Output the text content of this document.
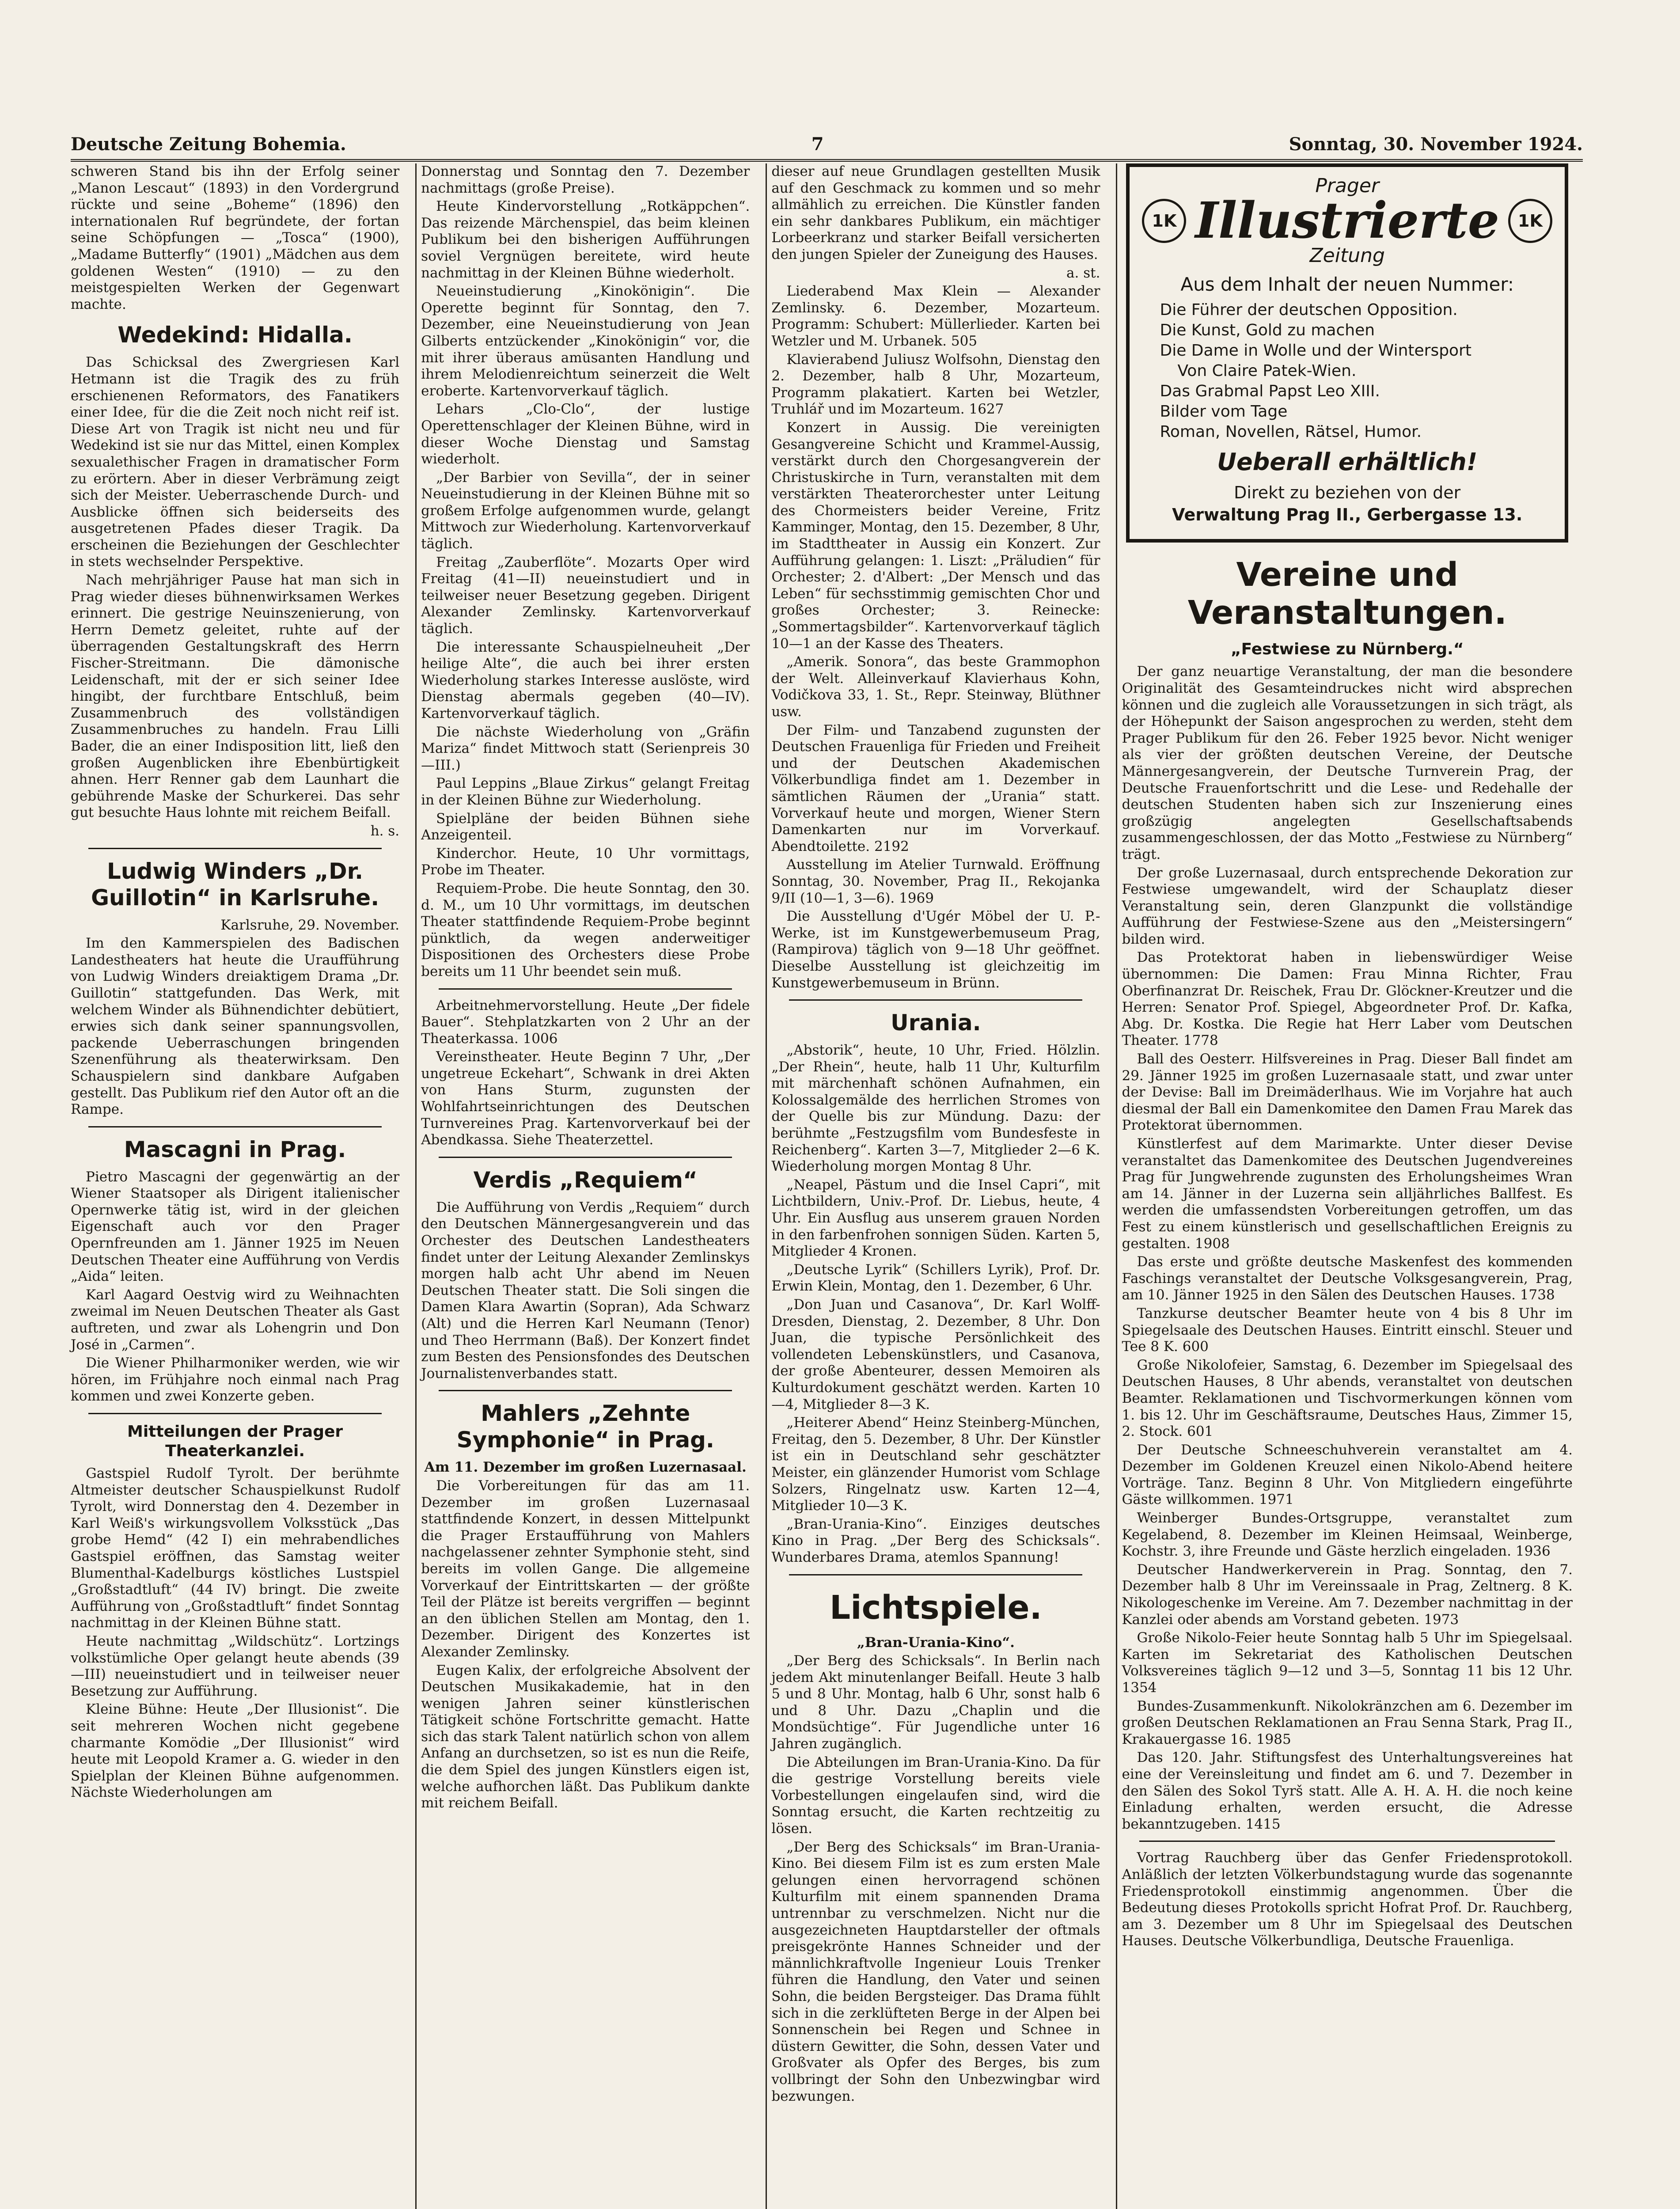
Deutsche Zeitung Bohemia.	7	Sonntag, 30. November 1924.

schweren Stand bis ihn der Erfolg seiner „Manon Lescaut“ (1893) in den Vordergrund rückte und seine „Boheme“ (1896) den internationalen Ruf begründete, der fortan seine Schöpfungen — „Tosca“ (1900), „Madame Butterfly“ (1901) „Mädchen aus dem goldenen Westen“ (1910) — zu den meistgespielten Werken der Gegenwart machte.

Wedekind: Hidalla.

Das Schicksal des Zwergriesen Karl Hetmann ist die Tragik des zu früh erschienenen Reformators, des Fanatikers einer Idee, für die die Zeit noch nicht reif ist. Diese Art von Tragik ist nicht neu und für Wedekind ist sie nur das Mittel, einen Komplex sexualethischer Fragen in dramatischer Form zu erörtern. Aber in dieser Verbrämung zeigt sich der Meister. Ueberraschende Durch- und Ausblicke öffnen sich beiderseits des ausgetretenen Pfades dieser Tragik. Da erscheinen die Beziehungen der Geschlechter in stets wechselnder Perspektive.

Nach mehrjähriger Pause hat man sich in Prag wieder dieses bühnenwirksamen Werkes erinnert. Die gestrige Neuinszenierung, von Herrn Demetz geleitet, ruhte auf der überragenden Gestaltungskraft des Herrn Fischer-Streitmann. Die dämonische Leidenschaft, mit der er sich seiner Idee hingibt, der furchtbare Entschluß, beim Zusammenbruch des vollständigen Zusammenbruches zu handeln. Frau Lilli Bader, die an einer Indisposition litt, ließ den großen Augenblicken ihre Ebenbürtigkeit ahnen. Herr Renner gab dem Launhart die gebührende Maske der Schurkerei. Das sehr gut besuchte Haus lohnte mit reichem Beifall.

h. s.

Ludwig Winders „Dr. Guillotin“ in Karlsruhe.

Karlsruhe, 29. November.

Im den Kammerspielen des Badischen Landestheaters hat heute die Uraufführung von Ludwig Winders dreiaktigem Drama „Dr. Guillotin“ stattgefunden. Das Werk, mit welchem Winder als Bühnendichter debütiert, erwies sich dank seiner spannungsvollen, packende Ueberraschungen bringenden Szenenführung als theaterwirksam. Den Schauspielern sind dankbare Aufgaben gestellt. Das Publikum rief den Autor oft an die Rampe.

Mascagni in Prag.

Pietro Mascagni der gegenwärtig an der Wiener Staatsoper als Dirigent italienischer Opernwerke tätig ist, wird in der gleichen Eigenschaft auch vor den Prager Opernfreunden am 1. Jänner 1925 im Neuen Deutschen Theater eine Aufführung von Verdis „Aida“ leiten.

Karl Aagard Oestvig wird zu Weihnachten zweimal im Neuen Deutschen Theater als Gast auftreten, und zwar als Lohengrin und Don José in „Carmen“.

Die Wiener Philharmoniker werden, wie wir hören, im Frühjahre noch einmal nach Prag kommen und zwei Konzerte geben.

Mitteilungen der Prager Theaterkanzlei.

Gastspiel Rudolf Tyrolt. Der berühmte Altmeister deutscher Schauspielkunst Rudolf Tyrolt, wird Donnerstag den 4. Dezember in Karl Weiß's wirkungsvollem Volksstück „Das grobe Hemd“ (42 I) ein mehrabendliches Gastspiel eröffnen, das Samstag weiter Blumenthal-Kadelburgs köstliches Lustspiel „Großstadtluft“ (44 IV) bringt. Die zweite Aufführung von „Großstadtluft“ findet Sonntag nachmittag in der Kleinen Bühne statt.

Heute nachmittag „Wildschütz“. Lortzings volkstümliche Oper gelangt heute abends (39—III) neueinstudiert und in teilweiser neuer Besetzung zur Aufführung.

Kleine Bühne: Heute „Der Illusionist“. Die seit mehreren Wochen nicht gegebene charmante Komödie „Der Illusionist“ wird heute mit Leopold Kramer a. G. wieder in den Spielplan der Kleinen Bühne aufgenommen. Nächste Wiederholungen am

Donnerstag und Sonntag den 7. Dezember nachmittags (große Preise).

Heute Kindervorstellung „Rotkäppchen“. Das reizende Märchenspiel, das beim kleinen Publikum bei den bisherigen Aufführungen soviel Vergnügen bereitete, wird heute nachmittag in der Kleinen Bühne wiederholt.

Neueinstudierung „Kinokönigin“. Die Operette beginnt für Sonntag, den 7. Dezember, eine Neueinstudierung von Jean Gilberts entzückender „Kinokönigin“ vor, die mit ihrer überaus amüsanten Handlung und ihrem Melodienreichtum seinerzeit die Welt eroberte. Kartenvorverkauf täglich.

Lehars „Clo-Clo“, der lustige Operettenschlager der Kleinen Bühne, wird in dieser Woche Dienstag und Samstag wiederholt.

„Der Barbier von Sevilla“, der in seiner Neueinstudierung in der Kleinen Bühne mit so großem Erfolge aufgenommen wurde, gelangt Mittwoch zur Wiederholung. Kartenvorverkauf täglich.

Freitag „Zauberflöte“. Mozarts Oper wird Freitag (41—II) neueinstudiert und in teilweiser neuer Besetzung gegeben. Dirigent Alexander Zemlinsky. Kartenvorverkauf täglich.

Die interessante Schauspielneuheit „Der heilige Alte“, die auch bei ihrer ersten Wiederholung starkes Interesse auslöste, wird Dienstag abermals gegeben (40—IV). Kartenvorverkauf täglich.

Die nächste Wiederholung von „Gräfin Mariza“ findet Mittwoch statt (Serienpreis 30—III.)

Paul Leppins „Blaue Zirkus“ gelangt Freitag in der Kleinen Bühne zur Wiederholung.

Spielpläne der beiden Bühnen siehe Anzeigenteil.

Kinderchor. Heute, 10 Uhr vormittags, Probe im Theater.

Requiem-Probe. Die heute Sonntag, den 30. d. M., um 10 Uhr vormittags, im deutschen Theater stattfindende Requiem-Probe beginnt pünktlich, da wegen anderweitiger Dispositionen des Orchesters diese Probe bereits um 11 Uhr beendet sein muß.

Arbeitnehmervorstellung. Heute „Der fidele Bauer“. Stehplatzkarten von 2 Uhr an der Theaterkassa. 1006

Vereinstheater. Heute Beginn 7 Uhr, „Der ungetreue Eckehart“, Schwank in drei Akten von Hans Sturm, zugunsten der Wohlfahrtseinrichtungen des Deutschen Turnvereines Prag. Kartenvorverkauf bei der Abendkassa. Siehe Theaterzettel.

Verdis „Requiem“

Die Aufführung von Verdis „Requiem“ durch den Deutschen Männergesangverein und das Orchester des Deutschen Landestheaters findet unter der Leitung Alexander Zemlinskys morgen halb acht Uhr abend im Neuen Deutschen Theater statt. Die Soli singen die Damen Klara Awartin (Sopran), Ada Schwarz (Alt) und die Herren Karl Neumann (Tenor) und Theo Herrmann (Baß). Der Konzert findet zum Besten des Pensionsfondes des Deutschen Journalistenverbandes statt.

Mahlers „Zehnte Symphonie“ in Prag.

Am 11. Dezember im großen Luzernasaal.

Die Vorbereitungen für das am 11. Dezember im großen Luzernasaal stattfindende Konzert, in dessen Mittelpunkt die Prager Erstaufführung von Mahlers nachgelassener zehnter Symphonie steht, sind bereits im vollen Gange. Die allgemeine Vorverkauf der Eintrittskarten — der größte Teil der Plätze ist bereits vergriffen — beginnt an den üblichen Stellen am Montag, den 1. Dezember. Dirigent des Konzertes ist Alexander Zemlinsky.

Eugen Kalix, der erfolgreiche Absolvent der Deutschen Musikakademie, hat in den wenigen Jahren seiner künstlerischen Tätigkeit schöne Fortschritte gemacht. Hatte sich das stark Talent natürlich schon von allem Anfang an durchsetzen, so ist es nun die Reife, die dem Spiel des jungen Künstlers eigen ist, welche aufhorchen läßt. Das Publikum dankte mit reichem Beifall.

dieser auf neue Grundlagen gestellten Musik auf den Geschmack zu kommen und so mehr allmählich zu erreichen. Die Künstler fanden ein sehr dankbares Publikum, ein mächtiger Lorbeerkranz und starker Beifall versicherten den jungen Spieler der Zuneigung des Hauses.

a. st.

Liederabend Max Klein — Alexander Zemlinsky. 6. Dezember, Mozarteum. Programm: Schubert: Müllerlieder. Karten bei Wetzler und M. Urbanek. 505

Klavierabend Juliusz Wolfsohn, Dienstag den 2. Dezember, halb 8 Uhr, Mozarteum, Programm plakatiert. Karten bei Wetzler, Truhlář und im Mozarteum. 1627

Konzert in Aussig. Die vereinigten Gesangvereine Schicht und Krammel-Aussig, verstärkt durch den Chorgesangverein der Christuskirche in Turn, veranstalten mit dem verstärkten Theaterorchester unter Leitung des Chormeisters beider Vereine, Fritz Kamminger, Montag, den 15. Dezember, 8 Uhr, im Stadttheater in Aussig ein Konzert. Zur Aufführung gelangen: 1. Liszt: „Präludien“ für Orchester; 2. d'Albert: „Der Mensch und das Leben“ für sechsstimmig gemischten Chor und großes Orchester; 3. Reinecke: „Sommertagsbilder“. Kartenvorverkauf täglich 10—1 an der Kasse des Theaters.

„Amerik. Sonora“, das beste Grammophon der Welt. Alleinverkauf Klavierhaus Kohn, Vodičkova 33, 1. St., Repr. Steinway, Blüthner usw.

Der Film- und Tanzabend zugunsten der Deutschen Frauenliga für Frieden und Freiheit und der Deutschen Akademischen Völkerbundliga findet am 1. Dezember in sämtlichen Räumen der „Urania“ statt. Vorverkauf heute und morgen, Wiener Stern Damenkarten nur im Vorverkauf. Abendtoilette. 2192

Ausstellung im Atelier Turnwald. Eröffnung Sonntag, 30. November, Prag II., Rekojanka 9/II (10—1, 3—6). 1969

Die Ausstellung d'Ugér Möbel der U. P.-Werke, ist im Kunstgewerbemuseum Prag, (Rampirova) täglich von 9—18 Uhr geöffnet. Dieselbe Ausstellung ist gleichzeitig im Kunstgewerbemuseum in Brünn.

Urania.

„Abstorik“, heute, 10 Uhr, Fried. Hölzlin. „Der Rhein“, heute, halb 11 Uhr, Kulturfilm mit märchenhaft schönen Aufnahmen, ein Kolossalgemälde des herrlichen Stromes von der Quelle bis zur Mündung. Dazu: der berühmte „Festzugsfilm vom Bundesfeste in Reichenberg“. Karten 3—7, Mitglieder 2—6 K. Wiederholung morgen Montag 8 Uhr.

„Neapel, Pästum und die Insel Capri“, mit Lichtbildern, Univ.-Prof. Dr. Liebus, heute, 4 Uhr. Ein Ausflug aus unserem grauen Norden in den farbenfrohen sonnigen Süden. Karten 5, Mitglieder 4 Kronen.

„Deutsche Lyrik“ (Schillers Lyrik), Prof. Dr. Erwin Klein, Montag, den 1. Dezember, 6 Uhr.

„Don Juan und Casanova“, Dr. Karl Wolff-Dresden, Dienstag, 2. Dezember, 8 Uhr. Don Juan, die typische Persönlichkeit des vollendeten Lebenskünstlers, und Casanova, der große Abenteurer, dessen Memoiren als Kulturdokument geschätzt werden. Karten 10—4, Mitglieder 8—3 K.

„Heiterer Abend“ Heinz Steinberg-München, Freitag, den 5. Dezember, 8 Uhr. Der Künstler ist ein in Deutschland sehr geschätzter Meister, ein glänzender Humorist vom Schlage Solzers, Ringelnatz usw. Karten 12—4, Mitglieder 10—3 K.

„Bran-Urania-Kino“. Einziges deutsches Kino in Prag. „Der Berg des Schicksals“. Wunderbares Drama, atemlos Spannung!

Lichtspiele.

„Bran-Urania-Kino“.

„Der Berg des Schicksals“. In Berlin nach jedem Akt minutenlanger Beifall. Heute 3 halb 5 und 8 Uhr. Montag, halb 6 Uhr, sonst halb 6 und 8 Uhr. Dazu „Chaplin und die Mondsüchtige“. Für Jugendliche unter 16 Jahren zugänglich.

Die Abteilungen im Bran-Urania-Kino. Da für die gestrige Vorstellung bereits viele Vorbestellungen eingelaufen sind, wird die Sonntag ersucht, die Karten rechtzeitig zu lösen.

„Der Berg des Schicksals“ im Bran-Urania-Kino. Bei diesem Film ist es zum ersten Male gelungen einen hervorragend schönen Kulturfilm mit einem spannenden Drama untrennbar zu verschmelzen. Nicht nur die ausgezeichneten Hauptdarsteller der oftmals preisgekrönte Hannes Schneider und der männlichkraftvolle Ingenieur Louis Trenker führen die Handlung, den Vater und seinen Sohn, die beiden Bergsteiger. Das Drama fühlt sich in die zerklüfteten Berge in der Alpen bei Sonnenschein bei Regen und Schnee in düstern Gewitter, die Sohn, dessen Vater und Großvater als Opfer des Berges, bis zum vollbringt der Sohn den Unbezwingbar wird bezwungen.

Prager
1K Illustrierte	1K
Zeitung
Aus dem Inhalt der neuen Nummer:
Die Führer der deutschen Opposition.
Die Kunst, Gold zu machen
Die Dame in Wolle und der Wintersport
Von Claire Patek-Wien.
Das Grabmal Papst Leo XIII.
Bilder vom Tage
Roman, Novellen, Rätsel, Humor.
Ueberall erhältlich!
Direkt zu beziehen von der
Verwaltung Prag II., Gerbergasse 13.
Vereine und Veranstaltungen.
„Festwiese zu Nürnberg.“

Der ganz neuartige Veranstaltung, der man die besondere Originalität des Gesamteindruckes nicht wird absprechen können und die zugleich alle Voraussetzungen in sich trägt, als der Höhepunkt der Saison angesprochen zu werden, steht dem Prager Publikum für den 26. Feber 1925 bevor. Nicht weniger als vier der größten deutschen Vereine, der Deutsche Männergesangverein, der Deutsche Turnverein Prag, der Deutsche Frauenfortschritt und die Lese- und Redehalle der deutschen Studenten haben sich zur Inszenierung eines großzügig angelegten Gesellschaftsabends zusammengeschlossen, der das Motto „Festwiese zu Nürnberg“ trägt.

Der große Luzernasaal, durch entsprechende Dekoration zur Festwiese umgewandelt, wird der Schauplatz dieser Veranstaltung sein, deren Glanzpunkt die vollständige Aufführung der Festwiese-Szene aus den „Meistersingern“ bilden wird.

Das Protektorat haben in liebenswürdiger Weise übernommen: Die Damen: Frau Minna Richter, Frau Oberfinanzrat Dr. Reischek, Frau Dr. Glöckner-Kreutzer und die Herren: Senator Prof. Spiegel, Abgeordneter Prof. Dr. Kafka, Abg. Dr. Kostka. Die Regie hat Herr Laber vom Deutschen Theater. 1778

Ball des Oesterr. Hilfsvereines in Prag. Dieser Ball findet am 29. Jänner 1925 im großen Luzernasaale statt, und zwar unter der Devise: Ball im Dreimäderlhaus. Wie im Vorjahre hat auch diesmal der Ball ein Damenkomitee den Damen Frau Marek das Protektorat übernommen.

Künstlerfest auf dem Marimarkte. Unter dieser Devise veranstaltet das Damenkomitee des Deutschen Jugendvereines Prag für Jungwehrende zugunsten des Erholungsheimes Wran am 14. Jänner in der Luzerna sein alljährliches Ballfest. Es werden die umfassendsten Vorbereitungen getroffen, um das Fest zu einem künstlerisch und gesellschaftlichen Ereignis zu gestalten. 1908

Das erste und größte deutsche Maskenfest des kommenden Faschings veranstaltet der Deutsche Volksgesangverein, Prag, am 10. Jänner 1925 in den Sälen des Deutschen Hauses. 1738

Tanzkurse deutscher Beamter heute von 4 bis 8 Uhr im Spiegelsaale des Deutschen Hauses. Eintritt einschl. Steuer und Tee 8 K. 600

Große Nikolofeier, Samstag, 6. Dezember im Spiegelsaal des Deutschen Hauses, 8 Uhr abends, veranstaltet von deutschen Beamter. Reklamationen und Tischvormerkungen können vom 1. bis 12. Uhr im Geschäftsraume, Deutsches Haus, Zimmer 15, 2. Stock. 601

Der Deutsche Schneeschuhverein veranstaltet am 4. Dezember im Goldenen Kreuzel einen Nikolo-Abend heitere Vorträge. Tanz. Beginn 8 Uhr. Von Mitgliedern eingeführte Gäste willkommen. 1971

Weinberger Bundes-Ortsgruppe, veranstaltet zum Kegelabend, 8. Dezember im Kleinen Heimsaal, Weinberge, Kochstr. 3, ihre Freunde und Gäste herzlich eingeladen. 1936

Deutscher Handwerkerverein in Prag. Sonntag, den 7. Dezember halb 8 Uhr im Vereinssaale in Prag, Zeltnerg. 8 K. Nikologeschenke im Vereine. Am 7. Dezember nachmittag in der Kanzlei oder abends am Vorstand gebeten. 1973

Große Nikolo-Feier heute Sonntag halb 5 Uhr im Spiegelsaal. Karten im Sekretariat des Katholischen Deutschen Volksvereines täglich 9—12 und 3—5, Sonntag 11 bis 12 Uhr. 1354

Bundes-Zusammenkunft. Nikolokränzchen am 6. Dezember im großen Deutschen Reklamationen an Frau Senna Stark, Prag II., Krakauergasse 16. 1985

Das 120. Jahr. Stiftungsfest des Unterhaltungsvereines hat eine der Vereinsleitung und findet am 6. und 7. Dezember in den Sälen des Sokol Tyrš statt. Alle A. H. A. H. die noch keine Einladung erhalten, werden ersucht, die Adresse bekanntzugeben. 1415

Vortrag Rauchberg über das Genfer Friedensprotokoll. Anläßlich der letzten Völkerbundstagung wurde das sogenannte Friedensprotokoll einstimmig angenommen. Über die Bedeutung dieses Protokolls spricht Hofrat Prof. Dr. Rauchberg, am 3. Dezember um 8 Uhr im Spiegelsaal des Deutschen Hauses. Deutsche Völkerbundliga, Deutsche Frauenliga.
